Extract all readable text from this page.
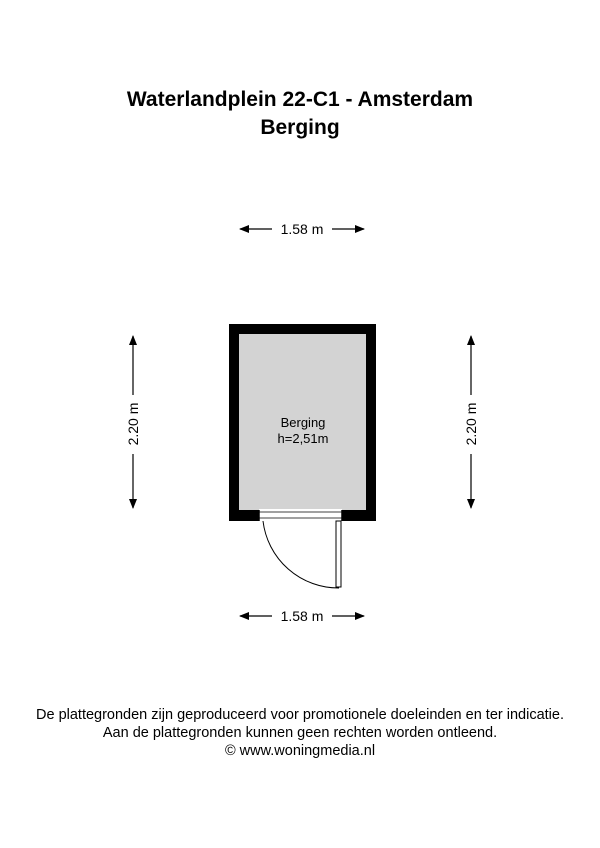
Waterlandplein 22-C1 - Amsterdam
Berging
1.58 m
2.20 m	2.20 m
Berging
h=2,51m
1.58 m
De plattegronden zijn geproduceerd voor promotionele doeleinden en ter indicatie.
Aan de plattegronden kunnen geen rechten worden ontleend.
© www.woningmedia.nl
